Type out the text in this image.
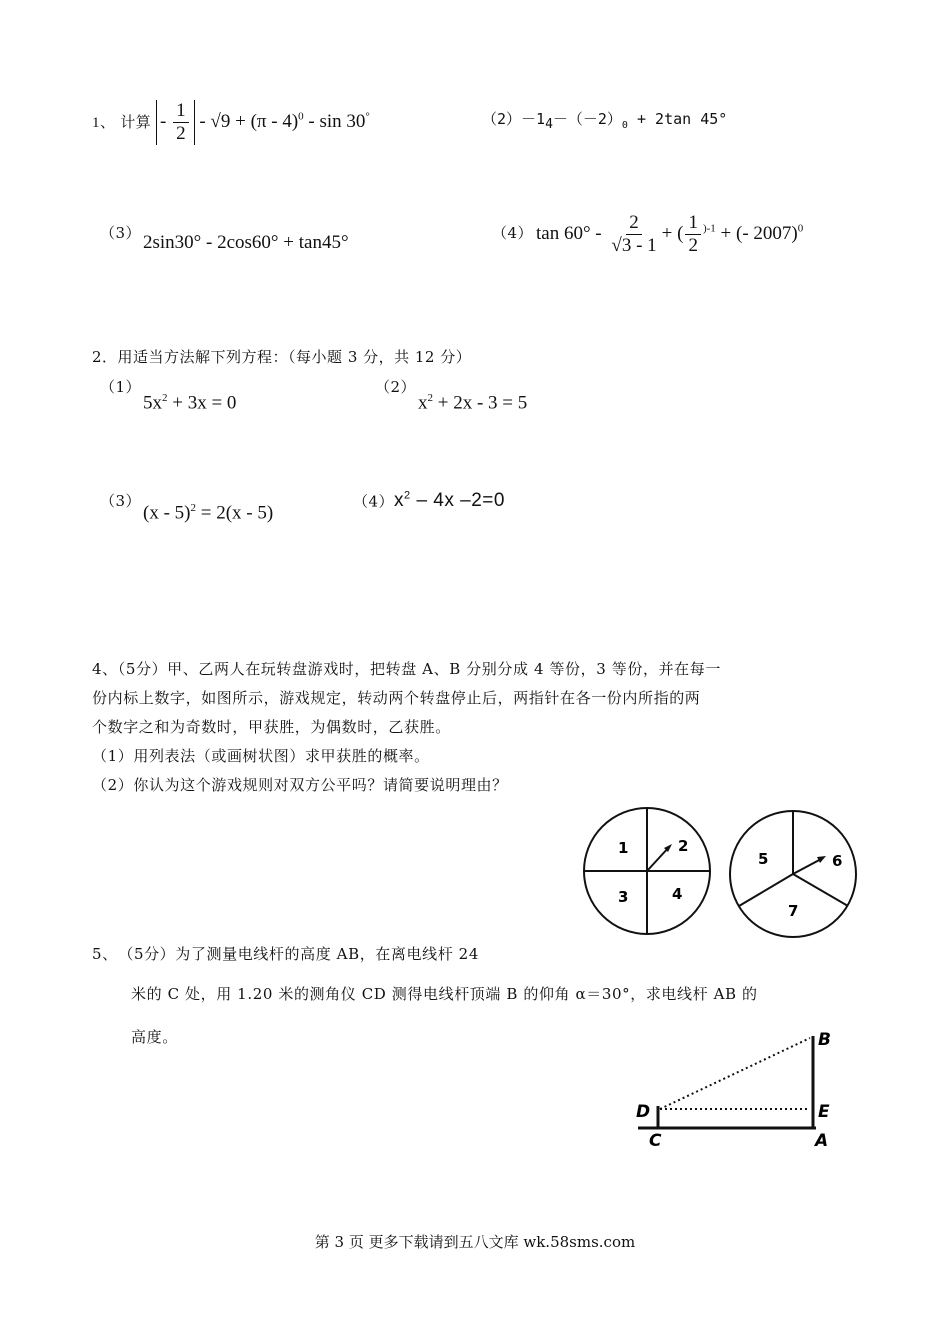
1、 计算 - $\frac{1}{2} - √9 + (\pi - 4)^0 - \sin 30^\circ$	$(2)-1_4-(-2)_0 + 2\tan$ 45°
（3） 2sin30° - 2cos60° + tan45°	（4） $\tan 60^\circ - \frac{2}{√3 - 1}$ + ( $\frac{1}{2} ^{)-1}$ + (- 2007)$^0$
2．用适当方法解下列方程：（每小题 3 分，共 12 分）
（1）
$5x^2 + 3x = 0$
（2）
$x^2 + 2x - 3 = 5$
（3）
(x - 5)$^2$ = 2(x - 5)
$(4)x^2 - 4x$ –2=0
4、（5分）甲、乙两人在玩转盘游戏时，把转盘 A、B 分别分成 4 等份，3 等份，并在每一
份内标上数字，如图所示，游戏规定，转动两个转盘停止后，两指针在各一份内所指的两
个数字之和为奇数时，甲获胜，为偶数时，乙获胜。
（1）用列表法（或画树状图）求甲获胜的概率。
（2）你认为这个游戏规则对双方公平吗？请简要说明理由？
1	2
3	4
5	6
7
5、　（5分）为了测量电线杆的高度 AB，在离电线杆 24
米的 C 处，用 1.20 米的测角仪 CD 测得电线杆顶端 B 的仰角 α＝30°，求电线杆 AB 的
高度。	B
D	E
C	A
第 3 页 更多下载请到五八文库 wk.58sms.com
